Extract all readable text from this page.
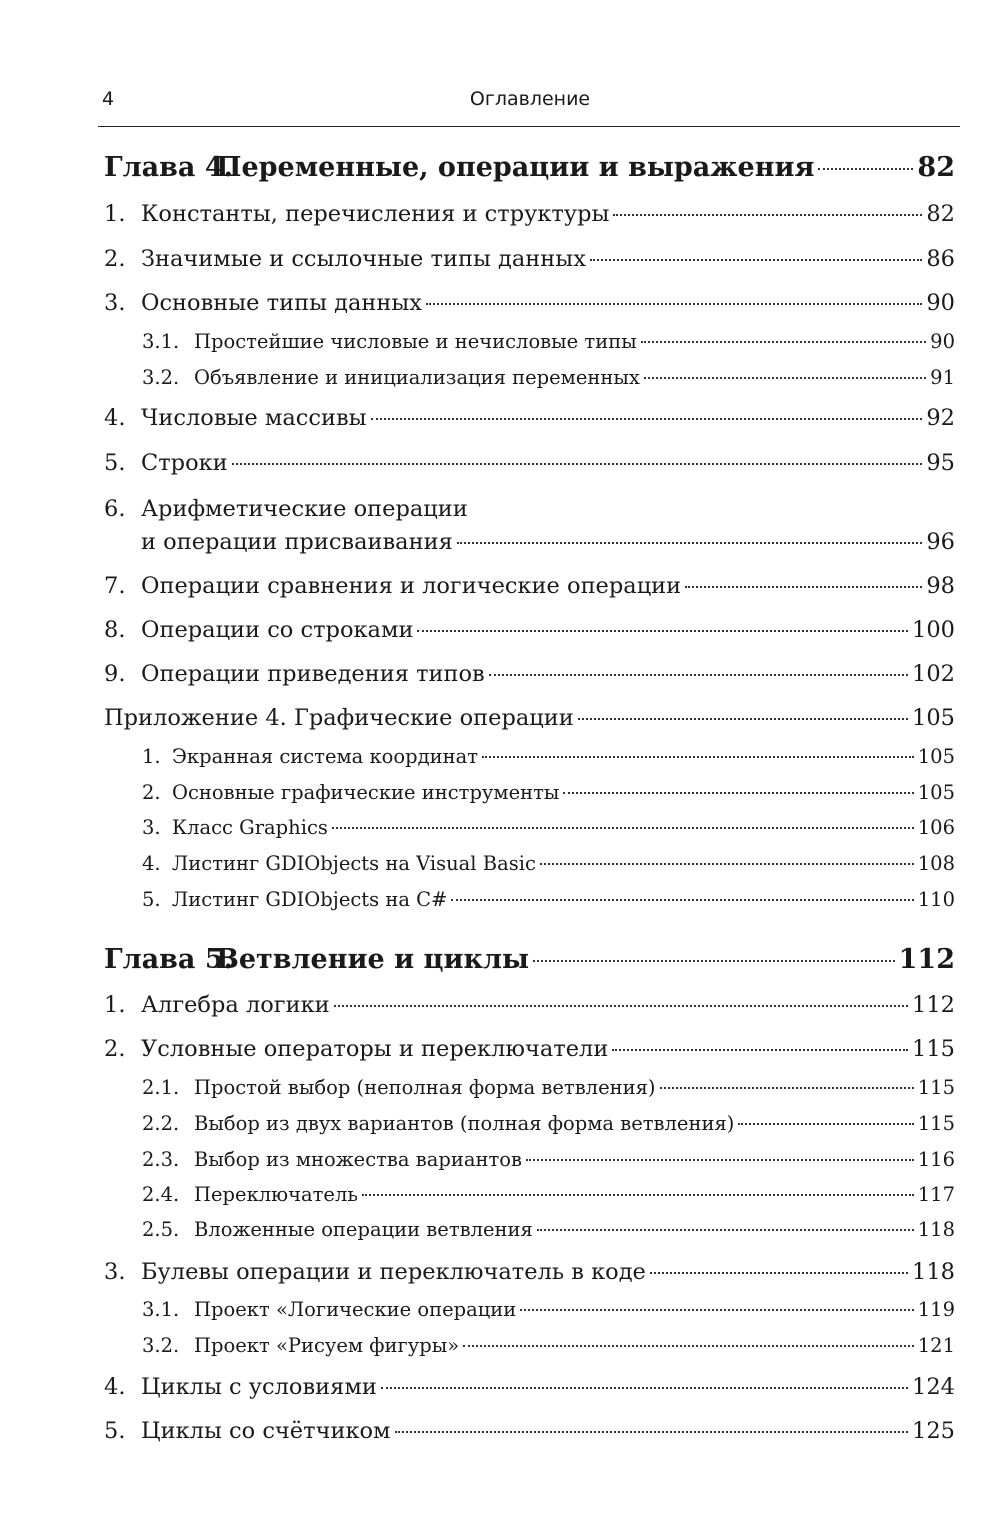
4	Оглавление
Глава 4.
Переменные, операции и выражения	82
1. Константы, перечисления и структуры	82
2. Значимые и ссылочные типы данных	86
3. Основные типы данных	90
3.1. Простейшие числовые и нечисловые типы	90
3.2. Объявление и инициализация переменных	91
4. Числовые массивы	92
5. Строки	95
6. Арифметические операции
и операции присваивания	96
7. Операции сравнения и логические операции	98
8. Операции со строками	100
9. Операции приведения типов	102
Приложение 4. Графические операции	105
1. Экранная система координат	105
2. Основные графические инструменты	105
3. Класс Graphics	106
4. Листинг GDIObjects на Visual Basic	108
5. Листинг GDIObjects на C#	110
Глава 5.
Ветвление и циклы	112
1. Алгебра логики	112
2. Условные операторы и переключатели	115
2.1. Простой выбор (неполная форма ветвления)	115
2.2. Выбор из двух вариантов (полная форма ветвления)	115
2.3. Выбор из множества вариантов	116
2.4. Переключатель	117
2.5. Вложенные операции ветвления	118
3. Булевы операции и переключатель в коде	118
3.1. Проект «Логические операции	119
3.2. Проект «Рисуем фигуры»	121
4. Циклы с условиями	124
5. Циклы со счётчиком	125
